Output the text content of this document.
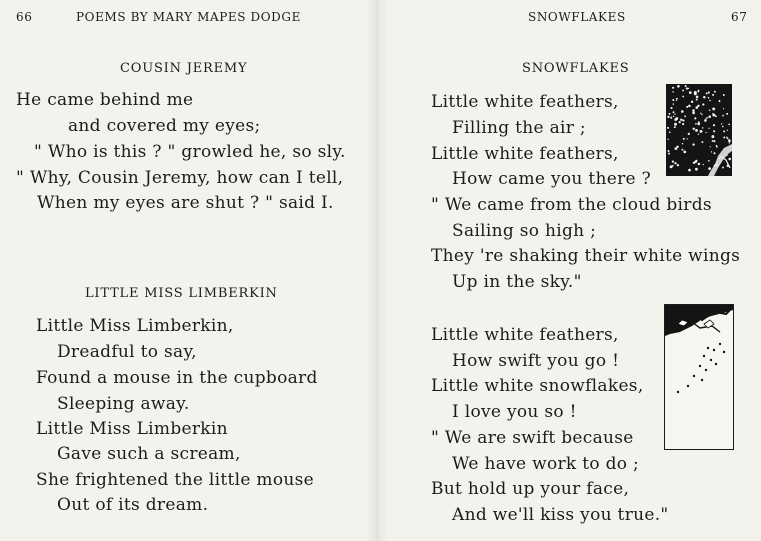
66	POEMS BY MARY MAPES DODGE
COUSIN JEREMY
He came behind me
and covered my eyes;
" Who is this ? " growled he, so sly.
" Why, Cousin Jeremy, how can I tell,
When my eyes are shut ? " said I.
LITTLE MISS LIMBERKIN
Little Miss Limberkin,
Dreadful to say,
Found a mouse in the cupboard
Sleeping away.
Little Miss Limberkin
Gave such a scream,
She frightened the little mouse
Out of its dream.
SNOWFLAKES	67
SNOWFLAKES
Little white feathers,
Filling the air ;
Little white feathers,
How came you there ?
" We came from the cloud birds
Sailing so high ;
They 're shaking their white wings
Up in the sky."
Little white feathers,
How swift you go !
Little white snowflakes,
I love you so !
" We are swift because
We have work to do ;
But hold up your face,
And we'll kiss you true."
